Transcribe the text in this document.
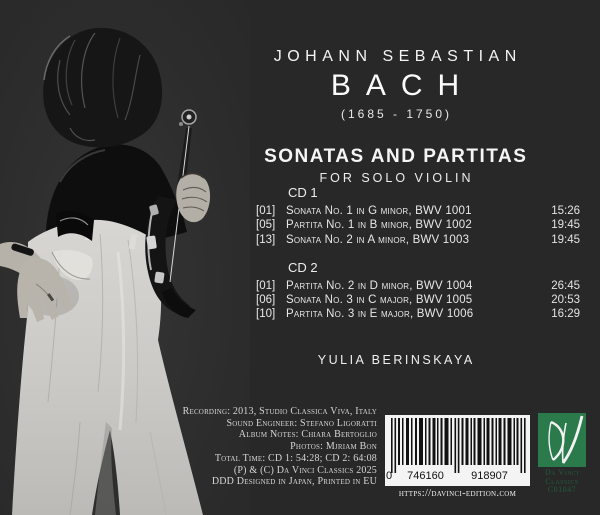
JOHANN SEBASTIAN
BACH
(1685 - 1750)
SONATAS AND PARTITAS
FOR SOLO VIOLIN
CD 1
[01] Sonata No. 1 in G minor, BWV 1001	15:26
[05] Partita No. 1 in B minor, BWV 1002	19:45
[13] Sonata No. 2 in A minor, BWV 1003	19:45
CD 2
[01] Partita No. 2 in D minor, BWV 1004	26:45
[06] Sonata No. 3 in C major, BWV 1005	20:53
[10] Partita No. 3 in E major, BWV 1006	16:29
YULIA BERINSKAYA
Recording: 2013, Studio Classica Viva, Italy
Sound Engineer: Stefano Ligoratti
Album Notes: Chiara Bertoglio
Photos: Mjriam Bon
Total Time: CD 1: 54:28; CD 2: 64:08
(P) & (C) Da Vinci Classics 2025
DDD Designed in Japan, Printed in EU 0	746160	918907
https://davinci-edition.com
Da Vinci
Classics
C01047
